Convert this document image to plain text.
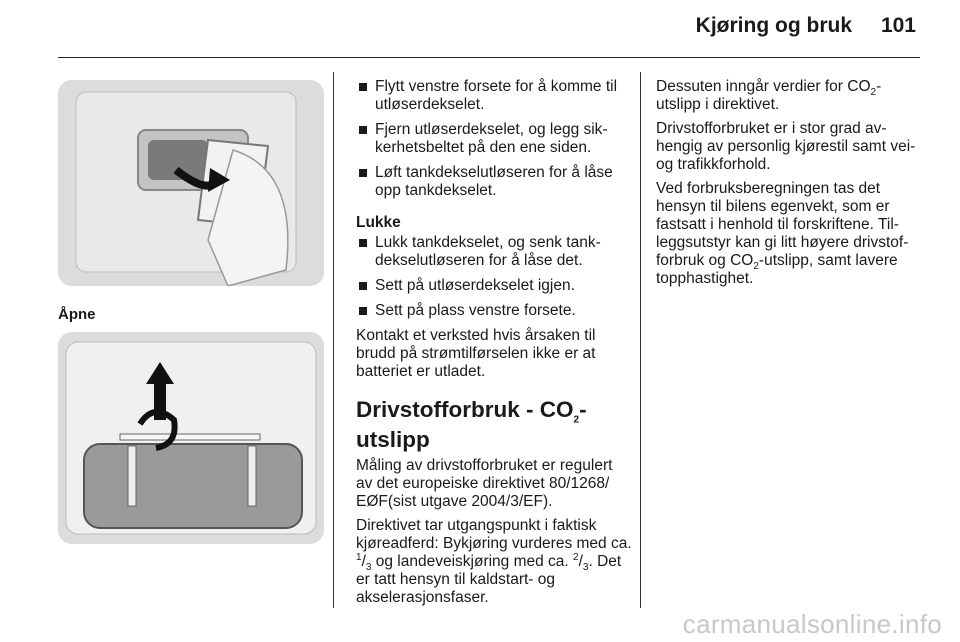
Kjøring og bruk 101
Åpne
Flytt venstre forsete for å komme til utløserdekselet.
Fjern utløserdekselet, og legg sik-kerhetsbeltet på den ene siden.
Løft tankdekselutløseren for å låse opp tankdekselet.
Lukke
Lukk tankdekselet, og senk tank-dekselutløseren for å låse det.
Sett på utløserdekselet igjen.
Sett på plass venstre forsete.

Kontakt et verksted hvis årsaken til brudd på strømtilførselen ikke er at batteriet er utladet.

Drivstofforbruk - $CO_2$-utslipp

Måling av drivstofforbruket er regulert av det europeiske direktivet 80/1268/ EØF(sist utgave 2004/3/EF).

Direktivet tar utgangspunkt i faktisk kjøreadferd: Bykjøring vurderes med ca. $^1/_3$ og landeveiskjøring med ca. $^2/_3$. Det er tatt hensyn til kaldstart- og akselerasjonsfaser.

Dessuten inngår verdier for $CO_2$-utslipp i direktivet.

Drivstofforbruket er i stor grad av-hengig av personlig kjørestil samt vei- og trafikkforhold.

Ved forbruksberegningen tas det hensyn til bilens egenvekt, som er fastsatt i henhold til forskriftene. Til-leggsutstyr kan gi litt høyere drivstof-forbruk og $CO_2$-utslipp, samt lavere topphastighet.

carmanualsonline.info
